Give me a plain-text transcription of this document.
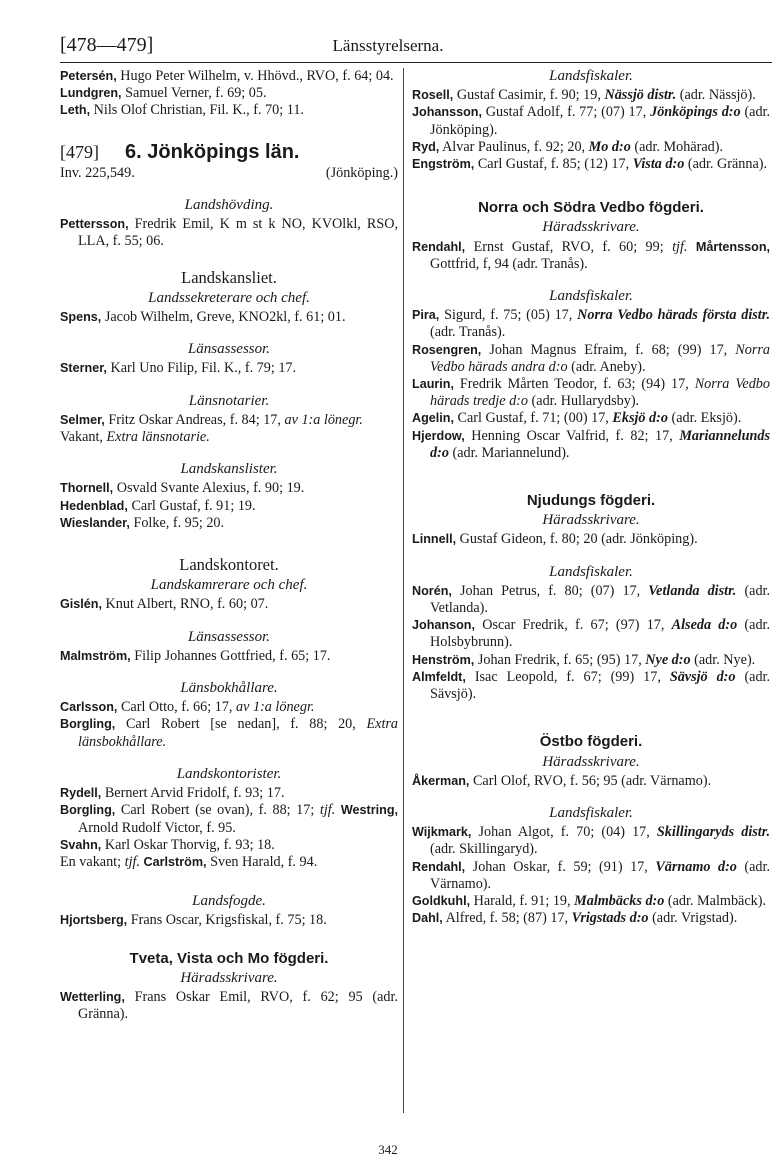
[478—479]	Länsstyrelserna.

Petersén, Hugo Peter Wilhelm, v. Hhövd., RVO, f. 64; 04.

Lundgren, Samuel Verner, f. 69; 05.

Leth, Nils Olof Christian, Fil. K., f. 70; 11.

[479] 6. Jönköpings län.
Inv. 225,549.	(Jönköping.)
Landshövding.

Pettersson, Fredrik Emil, K m st k NO, KVOlkl, RSO, LLA, f. 55; 06.

Landskansliet.
Landssekreterare och chef.

Spens, Jacob Wilhelm, Greve, KNO2kl, f. 61; 01.

Länsassessor.

Sterner, Karl Uno Filip, Fil. K., f. 79; 17.

Länsnotarier.

Selmer, Fritz Oskar Andreas, f. 84; 17, av 1:a lönegr.

Vakant, Extra länsnotarie.

Landskanslister.

Thornell, Osvald Svante Alexius, f. 90; 19.

Hedenblad, Carl Gustaf, f. 91; 19.

Wieslander, Folke, f. 95; 20.

Landskontoret.
Landskamrerare och chef.

Gislén, Knut Albert, RNO, f. 60; 07.

Länsassessor.

Malmström, Filip Johannes Gottfried, f. 65; 17.

Länsbokhållare.

Carlsson, Carl Otto, f. 66; 17, av 1:a lönegr.

Borgling, Carl Robert [se nedan], f. 88; 20, Extra länsbokhållare.

Landskontorister.

Rydell, Bernert Arvid Fridolf, f. 93; 17.

Borgling, Carl Robert (se ovan), f. 88; 17; tjf. Westring, Arnold Rudolf Victor, f. 95.

Svahn, Karl Oskar Thorvig, f. 93; 18.

En vakant; tjf. Carlström, Sven Harald, f. 94.

Landsfogde.

Hjortsberg, Frans Oscar, Krigsfiskal, f. 75; 18.

Tveta, Vista och Mo fögderi.
Häradsskrivare.

Wetterling, Frans Oskar Emil, RVO, f. 62; 95 (adr. Gränna).

Landsfiskaler.

Rosell, Gustaf Casimir, f. 90; 19, Nässjö distr. (adr. Nässjö).

Johansson, Gustaf Adolf, f. 77; (07) 17, Jönköpings d:o (adr. Jönköping).

Ryd, Alvar Paulinus, f. 92; 20, Mo d:o (adr. Mohärad).

Engström, Carl Gustaf, f. 85; (12) 17, Vista d:o (adr. Gränna).

Norra och Södra Vedbo fögderi.
Häradsskrivare.

Rendahl, Ernst Gustaf, RVO, f. 60; 99; tjf. Mårtensson, Gottfrid, f, 94 (adr. Tranås).

Landsfiskaler.

Pira, Sigurd, f. 75; (05) 17, Norra Vedbo härads första distr. (adr. Tranås).

Rosengren, Johan Magnus Efraim, f. 68; (99) 17, Norra Vedbo härads andra d:o (adr. Aneby).

Laurin, Fredrik Mårten Teodor, f. 63; (94) 17, Norra Vedbo härads tredje d:o (adr. Hullarydsby).

Agelin, Carl Gustaf, f. 71; (00) 17, Eksjö d:o (adr. Eksjö).

Hjerdow, Henning Oscar Valfrid, f. 82; 17, Mariannelunds d:o (adr. Mariannelund).

Njudungs fögderi.
Häradsskrivare.

Linnell, Gustaf Gideon, f. 80; 20 (adr. Jönköping).

Landsfiskaler.

Norén, Johan Petrus, f. 80; (07) 17, Vetlanda distr. (adr. Vetlanda).

Johanson, Oscar Fredrik, f. 67; (97) 17, Alseda d:o (adr. Holsbybrunn).

Henström, Johan Fredrik, f. 65; (95) 17, Nye d:o (adr. Nye).

Almfeldt, Isac Leopold, f. 67; (99) 17, Sävsjö d:o (adr. Sävsjö).

Östbo fögderi.
Häradsskrivare.

Åkerman, Carl Olof, RVO, f. 56; 95 (adr. Värnamo).

Landsfiskaler.

Wijkmark, Johan Algot, f. 70; (04) 17, Skillingaryds distr. (adr. Skillingaryd).

Rendahl, Johan Oskar, f. 59; (91) 17, Värnamo d:o (adr. Värnamo).

Goldkuhl, Harald, f. 91; 19, Malmbäcks d:o (adr. Malmbäck).

Dahl, Alfred, f. 58; (87) 17, Vrigstads d:o (adr. Vrigstad).

342
